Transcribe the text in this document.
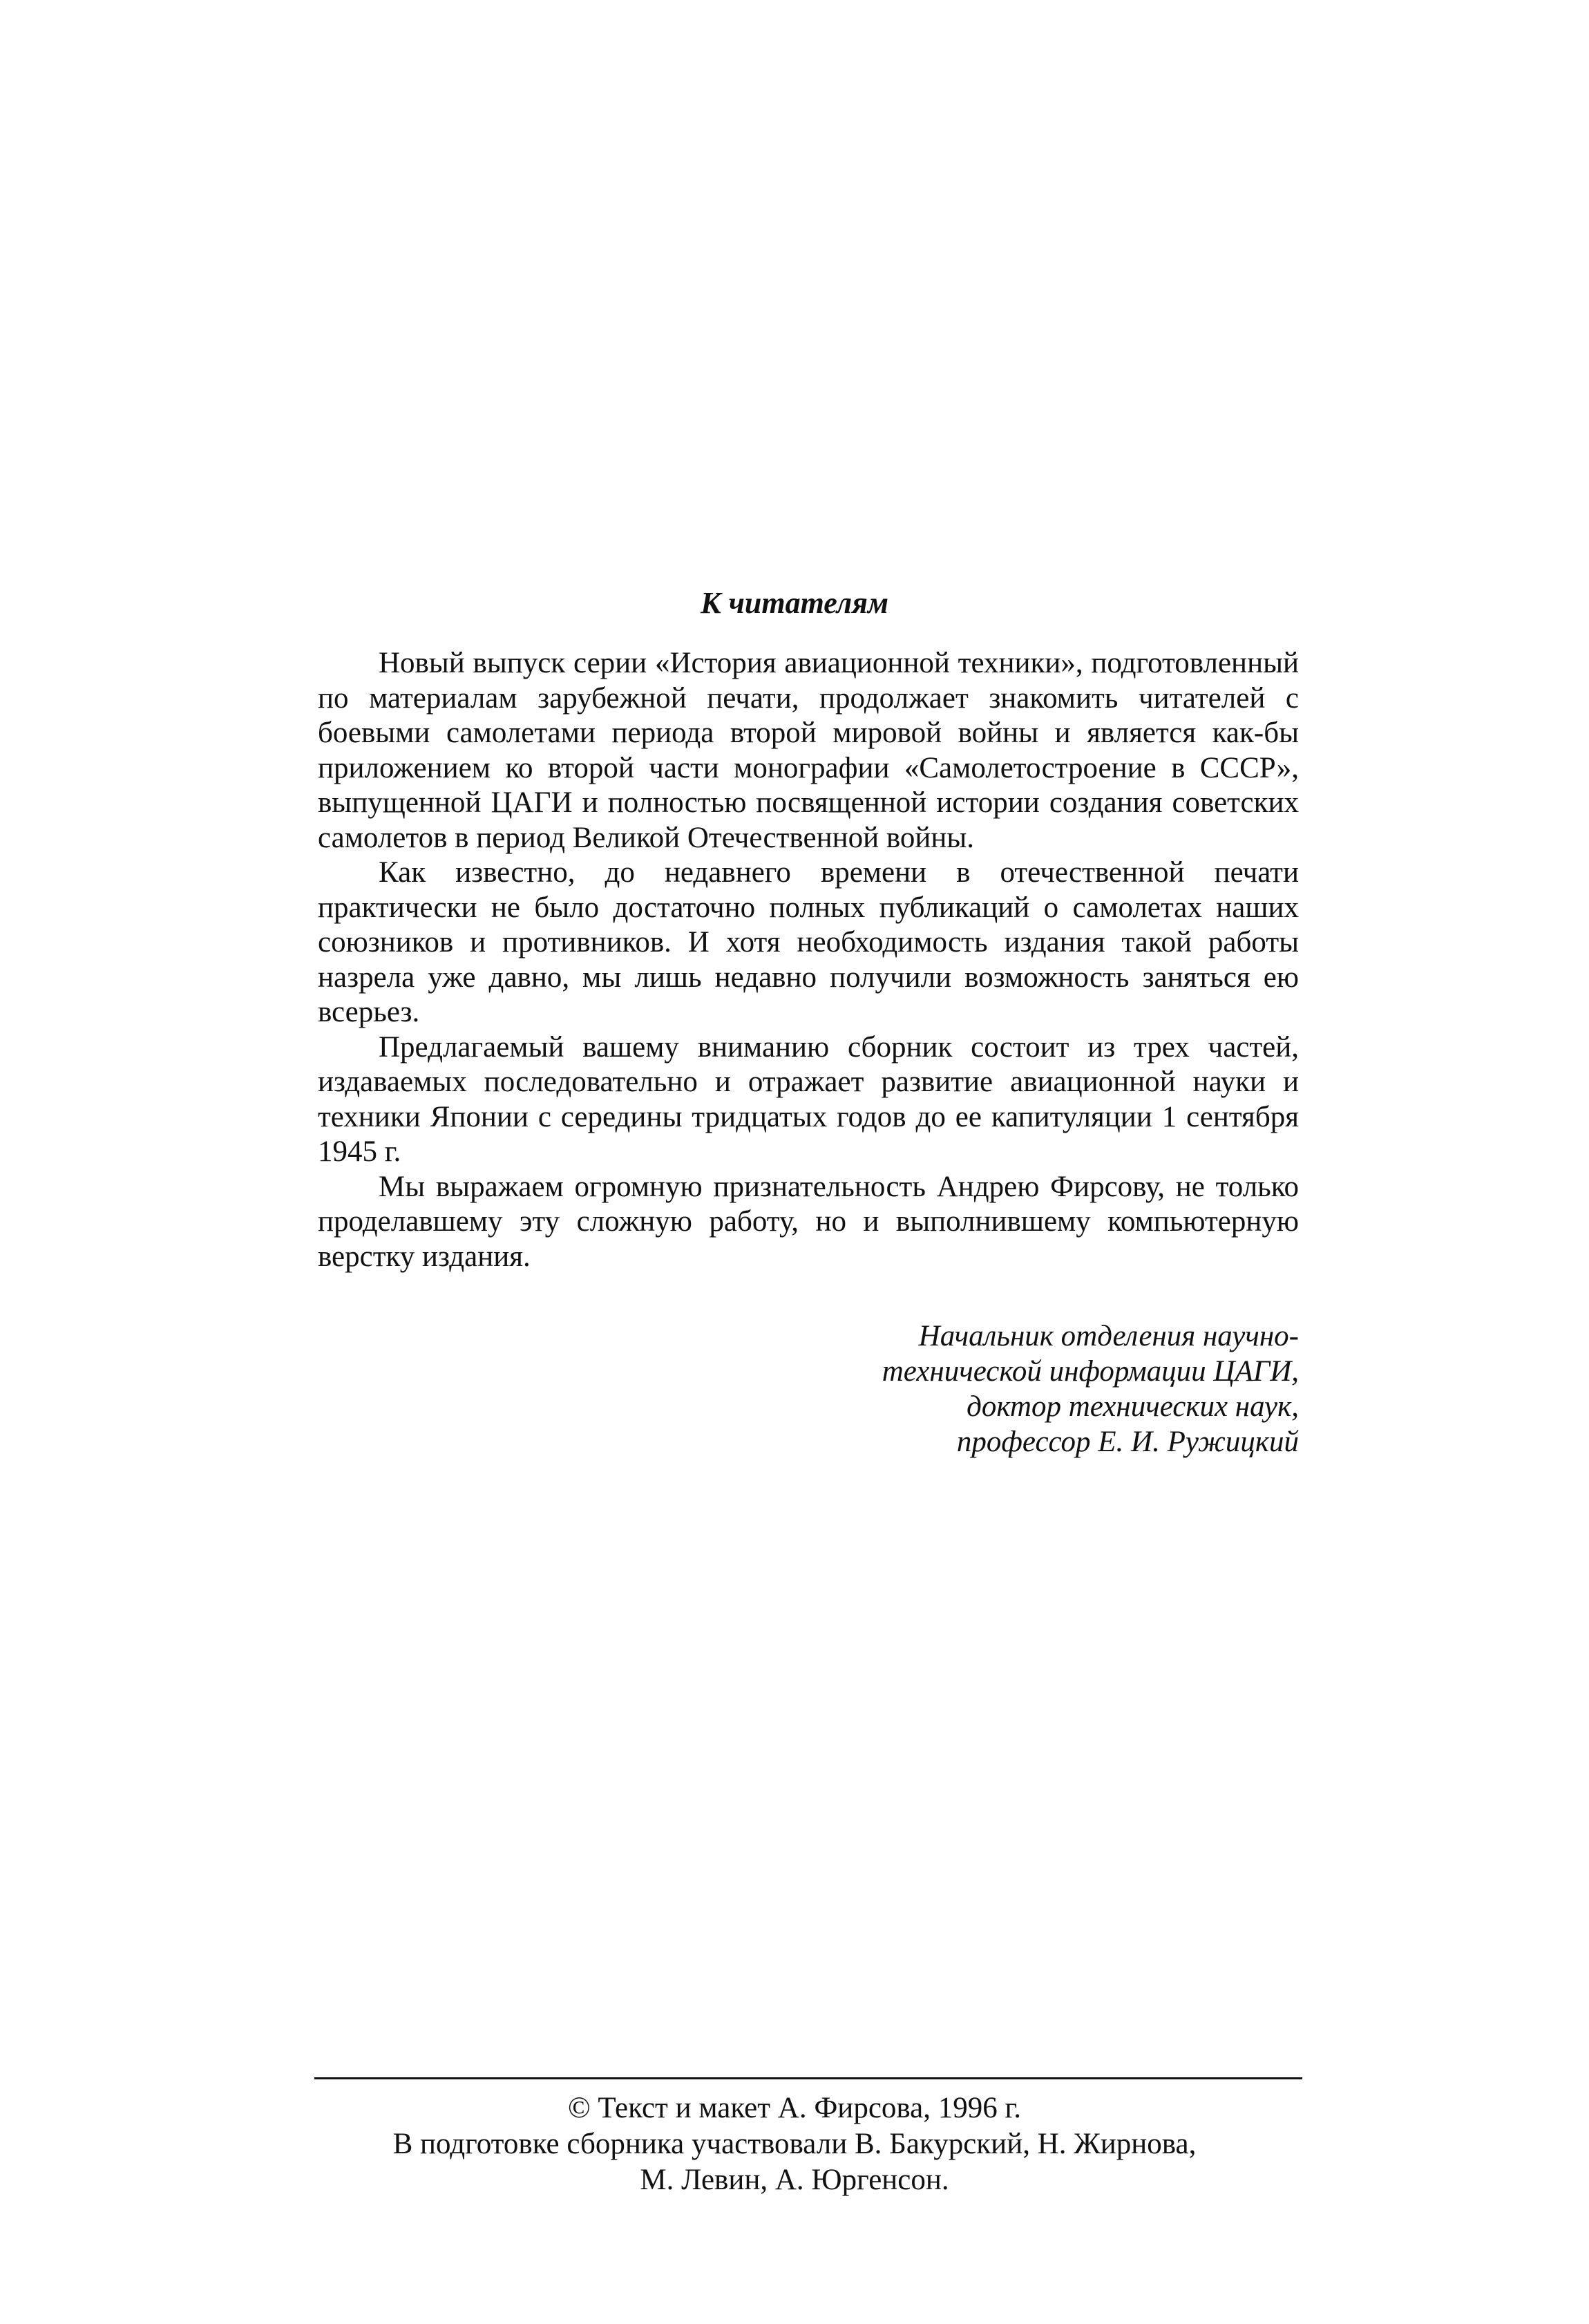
К читателям

Новый выпуск серии «История авиационной техники», подготовленный по материалам зарубежной печати, продолжает знакомить читателей с боевыми самолетами периода второй мировой войны и является как-бы приложением ко второй части монографии «Самолетостроение в СССР», выпущенной ЦАГИ и полностью посвященной истории создания советских самолетов в период Великой Отечественной войны.

Как известно, до недавнего времени в отечественной печати практически не было достаточно полных публикаций о самолетах наших союзников и противников. И хотя необходимость издания такой работы назрела уже давно, мы лишь недавно получили возможность заняться ею всерьез.

Предлагаемый вашему вниманию сборник состоит из трех частей, издаваемых последовательно и отражает развитие авиационной науки и техники Японии с середины тридцатых годов до ее капитуляции 1 сентября 1945 г.

Мы выражаем огромную признательность Андрею Фирсову, не только проделавшему эту сложную работу, но и выполнившему компьютерную верстку издания.

Начальник отделения научно-
технической информации ЦАГИ,
доктор технических наук,
профессор Е. И. Ружицкий
© Текст и макет А. Фирсова, 1996 г.
В подготовке сборника участвовали В. Бакурский, Н. Жирнова,
М. Левин, А. Юргенсон.
